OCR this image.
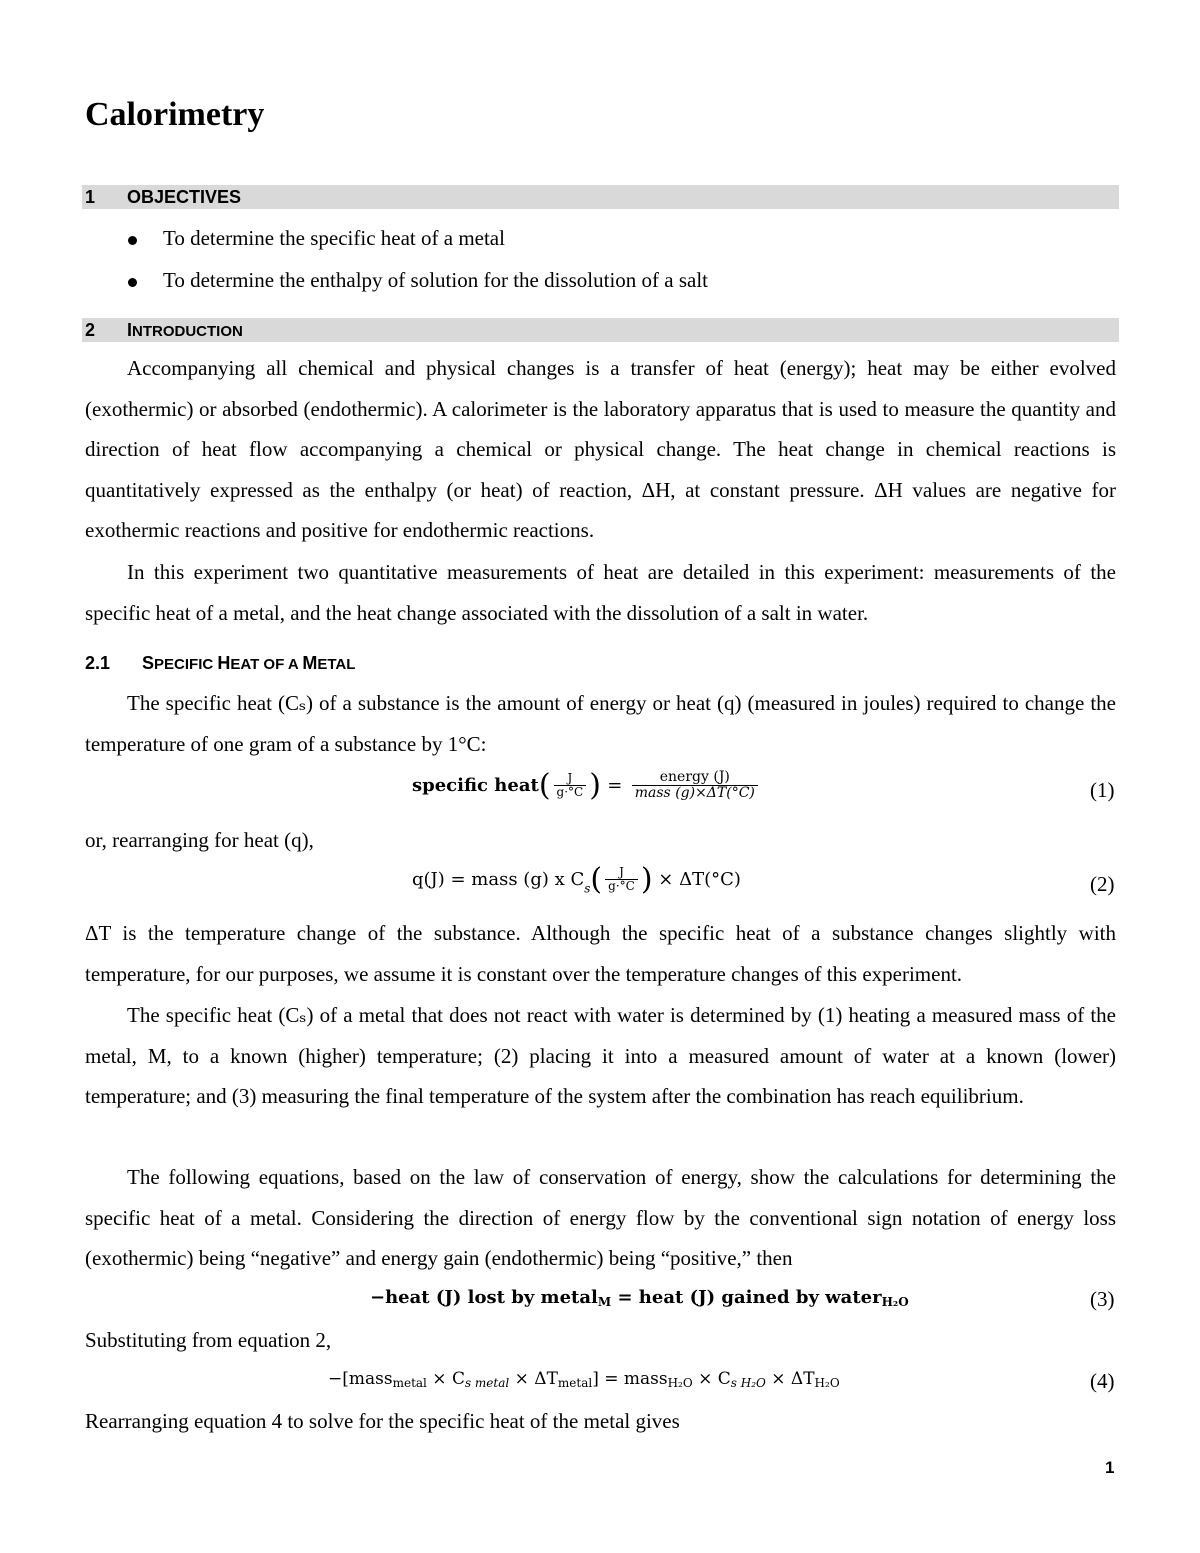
Calorimetry
1 OBJECTIVES
To determine the specific heat of a metal
To determine the enthalpy of solution for the dissolution of a salt
2 INTRODUCTION

Accompanying all chemical and physical changes is a transfer of heat (energy); heat may be either evolved (exothermic) or absorbed (endothermic). A calorimeter is the laboratory apparatus that is used to measure the quantity and direction of heat flow accompanying a chemical or physical change. The heat change in chemical reactions is quantitatively expressed as the enthalpy (or heat) of reaction, ΔH, at constant pressure. ΔH values are negative for exothermic reactions and positive for endothermic reactions.

In this experiment two quantitative measurements of heat are detailed in this experiment: measurements of the specific heat of a metal, and the heat change associated with the dissolution of a salt in water.

2.1 SPECIFIC HEAT OF A METAL

The specific heat (Cₛ) of a substance is the amount of energy or heat (q) (measured in joules) required to change the temperature of one gram of a substance by 1°C:

specific heat( $\frac{J}{g\cdot^\circ C}$ ) = $\frac{\text{energy (J)}}{\text{mass (g)×ΔT(°C)}}$	(1)
or, rearranging for heat (q),
q(J) = mass (g) x $C_s( \frac{J}{g\cdot^\circ C}$ ) × ΔT(°C)	(2)

ΔT is the temperature change of the substance. Although the specific heat of a substance changes slightly with temperature, for our purposes, we assume it is constant over the temperature changes of this experiment.

The specific heat (Cₛ) of a metal that does not react with water is determined by (1) heating a measured mass of the metal, M, to a known (higher) temperature; (2) placing it into a measured amount of water at a known (lower) temperature; and (3) measuring the final temperature of the system after the combination has reach equilibrium.

The following equations, based on the law of conservation of energy, show the calculations for determining the specific heat of a metal. Considering the direction of energy flow by the conventional sign notation of energy loss (exothermic) being “negative” and energy gain (endothermic) being “positive,” then

−heat (J) lost by metal$_M$ = heat (J) gained by water$_{H_2O}$	(3)
Substituting from equation 2,
−[mass$_{metal}$ × $C_{s metal} \times \Delta T_{metal}$] = mass$_{H_2O}$ × $C_{s H_2O} \times \Delta T_{H_2O}$	(4)
Rearranging equation 4 to solve for the specific heat of the metal gives
1
